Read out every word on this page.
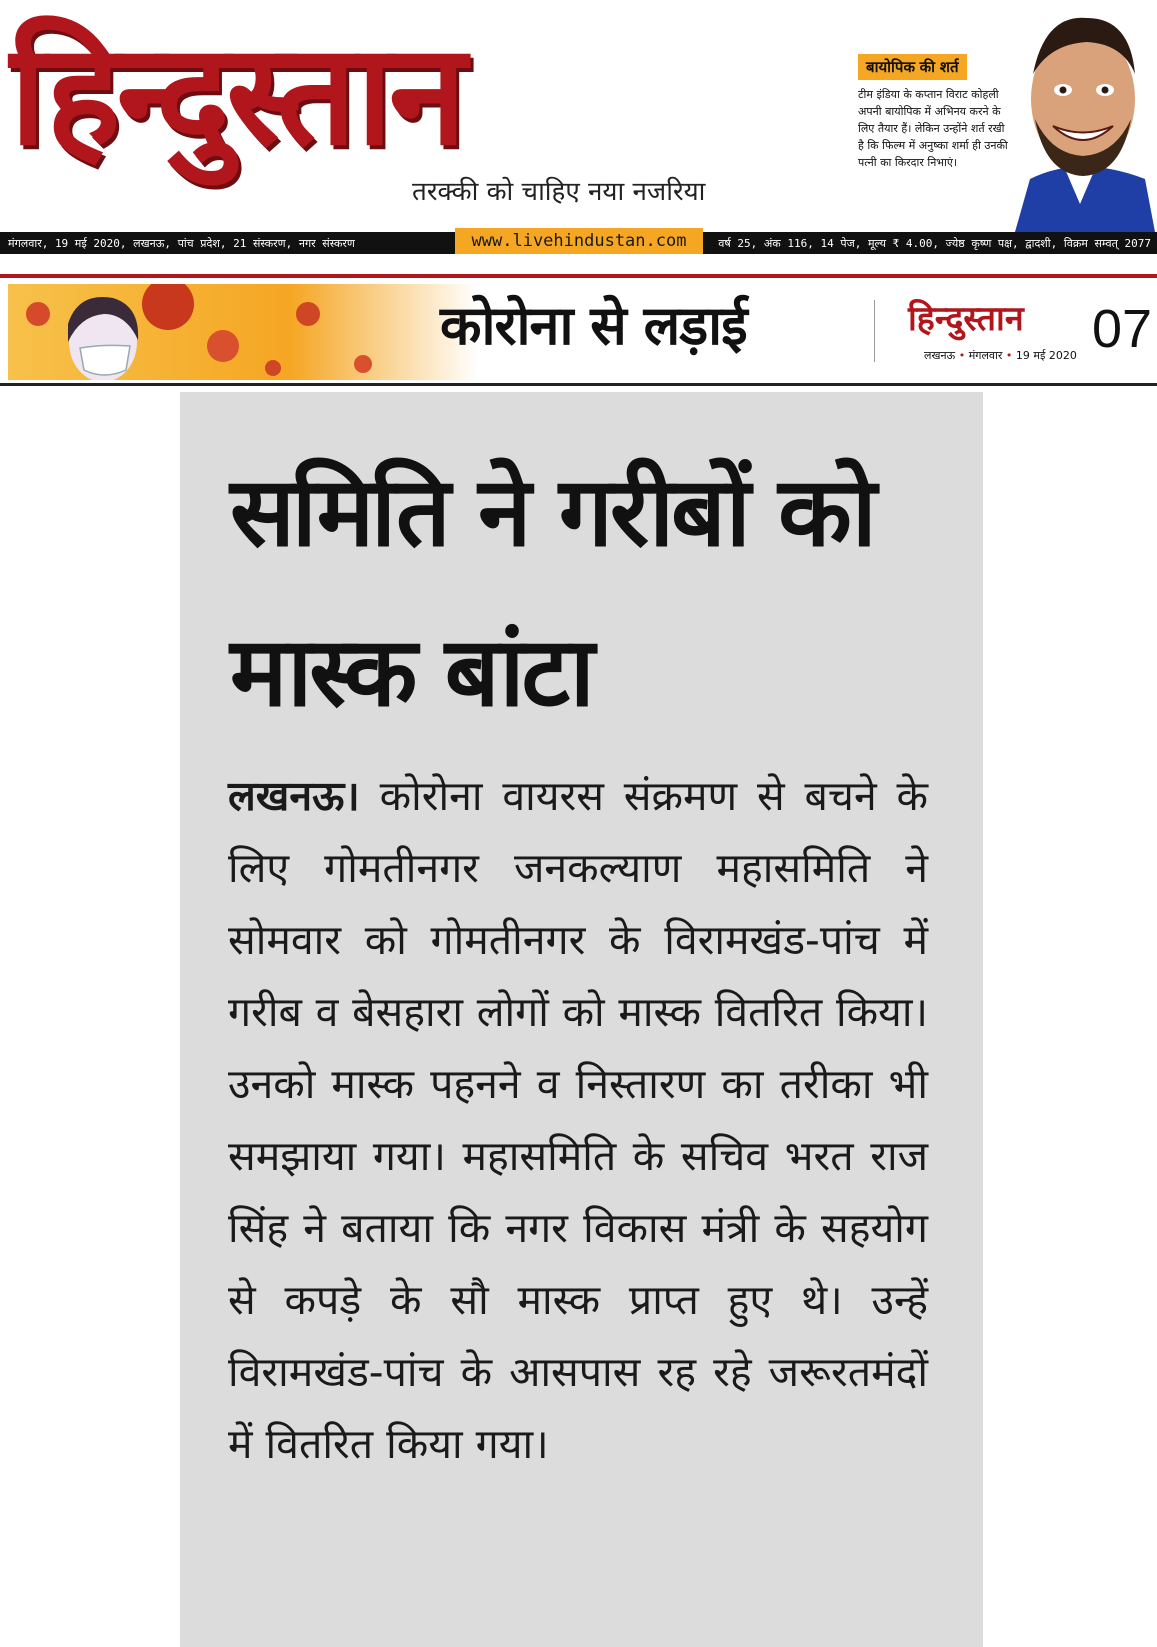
हिन्दुस्तान
तरक्की को चाहिए नया नजरिया
बायोपिक की शर्त
टीम इंडिया के कप्तान विराट कोहली अपनी बायोपिक में अभिनय करने के लिए तैयार हैं। लेकिन उन्होंने शर्त रखी है कि फिल्म में अनुष्का शर्मा ही उनकी पत्नी का किरदार निभाएं।
मंगलवार, 19 मई 2020, लखनऊ, पांच प्रदेश, 21 संस्करण, नगर संस्करण	वर्ष 25, अंक 116, 14 पेज, मूल्य ₹ 4.00, ज्येष्ठ कृष्ण पक्ष, द्वादशी, विक्रम सम्वत् 2077
www.livehindustan.com
कोरोना से लड़ाई	हिन्दुस्तान
लखनऊ • मंगलवार • 19 मई 2020 07
समिति ने गरीबों को मास्क बांटा

लखनऊ। कोरोना वायरस संक्रमण से बचने के लिए गोमतीनगर जनकल्याण महासमिति ने सोमवार को गोमतीनगर के विरामखंड-पांच में गरीब व बेसहारा लोगों को मास्क वितरित किया। उनको मास्क पहनने व निस्तारण का तरीका भी समझाया गया। महासमिति के सचिव भरत राज सिंह ने बताया कि नगर विकास मंत्री के सहयोग से कपड़े के सौ मास्क प्राप्त हुए थे। उन्हें विरामखंड-पांच के आसपास रह रहे जरूरतमंदों में वितरित किया गया।
